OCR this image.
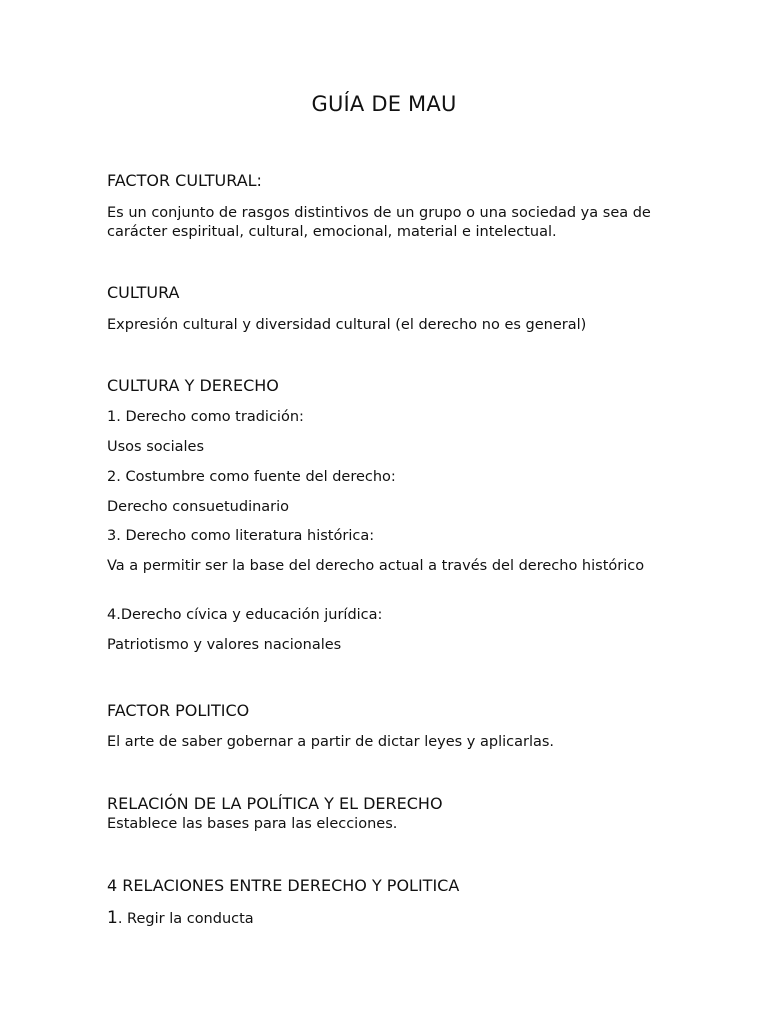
GUÍA DE MAU
FACTOR CULTURAL:

Es un conjunto de rasgos distintivos de un grupo o una sociedad ya sea de carácter espiritual, cultural, emocional, material e intelectual.

CULTURA

Expresión cultural y diversidad cultural (el derecho no es general)

CULTURA Y DERECHO

1. Derecho como tradición:

Usos sociales

2. Costumbre como fuente del derecho:

Derecho consuetudinario

3. Derecho como literatura histórica:

Va a permitir ser la base del derecho actual a través del derecho histórico

4.Derecho cívica y educación jurídica:

Patriotismo y valores nacionales

FACTOR POLITICO

El arte de saber gobernar a partir de dictar leyes y aplicarlas.

RELACIÓN DE LA POLÍTICA Y EL DERECHO

Establece las bases para las elecciones.

4 RELACIONES ENTRE DERECHO Y POLITICA

1. Regir la conducta
